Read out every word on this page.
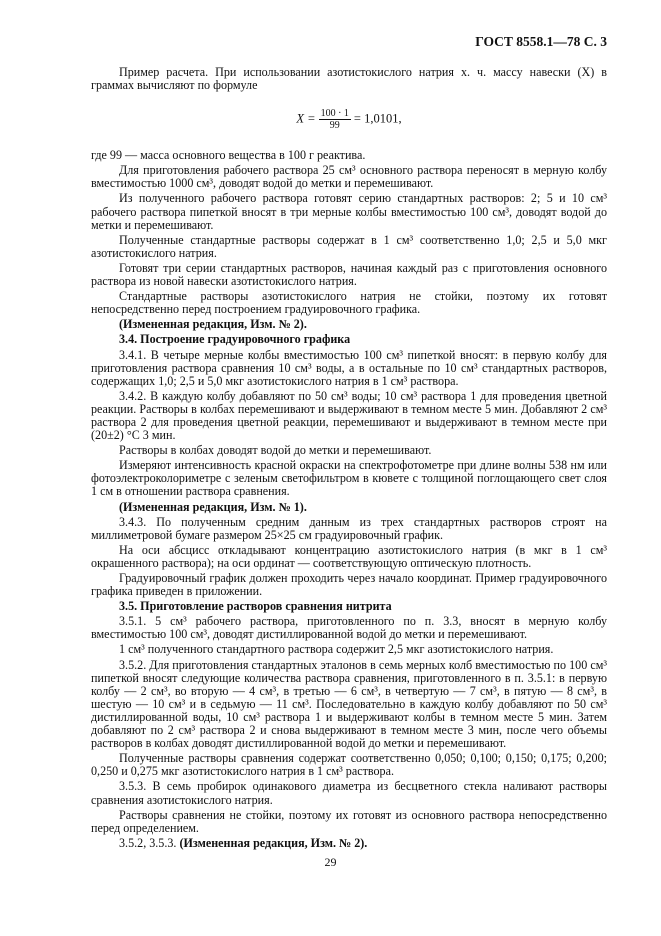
ГОСТ 8558.1—78 С. 3

Пример расчета. При использовании азотистокислого натрия х. ч. массу навески (X) в граммах вычисляют по формуле

$X = \frac{100 \cdot 1}{99} = 1,0101$,

где 99 — масса основного вещества в 100 г реактива.

Для приготовления рабочего раствора 25 см³ основного раствора переносят в мерную колбу вместимостью 1000 см³, доводят водой до метки и перемешивают.

Из полученного рабочего раствора готовят серию стандартных растворов: 2; 5 и 10 см³ рабочего раствора пипеткой вносят в три мерные колбы вместимостью 100 см³, доводят водой до метки и перемешивают.

Полученные стандартные растворы содержат в 1 см³ соответственно 1,0; 2,5 и 5,0 мкг азотистокислого натрия.

Готовят три серии стандартных растворов, начиная каждый раз с приготовления основного раствора из новой навески азотистокислого натрия.

Стандартные растворы азотистокислого натрия не стойки, поэтому их готовят непосредственно перед построением градуировочного графика.

(Измененная редакция, Изм. № 2).

3.4. Построение градуировочного графика

3.4.1. В четыре мерные колбы вместимостью 100 см³ пипеткой вносят: в первую колбу для приготовления раствора сравнения 10 см³ воды, а в остальные по 10 см³ стандартных растворов, содержащих 1,0; 2,5 и 5,0 мкг азотистокислого натрия в 1 см³ раствора.

3.4.2. В каждую колбу добавляют по 50 см³ воды; 10 см³ раствора 1 для проведения цветной реакции. Растворы в колбах перемешивают и выдерживают в темном месте 5 мин. Добавляют 2 см³ раствора 2 для проведения цветной реакции, перемешивают и выдерживают в темном месте при (20±2) °С 3 мин.

Растворы в колбах доводят водой до метки и перемешивают.

Измеряют интенсивность красной окраски на спектрофотометре при длине волны 538 нм или фотоэлектроколориметре с зеленым светофильтром в кювете с толщиной поглощающего свет слоя 1 см в отношении раствора сравнения.

(Измененная редакция, Изм. № 1).

3.4.3. По полученным средним данным из трех стандартных растворов строят на миллиметровой бумаге размером 25×25 см градуировочный график.

На оси абсцисс откладывают концентрацию азотистокислого натрия (в мкг в 1 см³ окрашенного раствора); на оси ординат — соответствующую оптическую плотность.

Градуировочный график должен проходить через начало координат. Пример градуировочного графика приведен в приложении.

3.5. Приготовление растворов сравнения нитрита

3.5.1. 5 см³ рабочего раствора, приготовленного по п. 3.3, вносят в мерную колбу вместимостью 100 см³, доводят дистиллированной водой до метки и перемешивают.

1 см³ полученного стандартного раствора содержит 2,5 мкг азотистокислого натрия.

3.5.2. Для приготовления стандартных эталонов в семь мерных колб вместимостью по 100 см³ пипеткой вносят следующие количества раствора сравнения, приготовленного в п. 3.5.1: в первую колбу — 2 см³, во вторую — 4 см³, в третью — 6 см³, в четвертую — 7 см³, в пятую — 8 см³, в шестую — 10 см³ и в седьмую — 11 см³. Последовательно в каждую колбу добавляют по 50 см³ дистиллированной воды, 10 см³ раствора 1 и выдерживают колбы в темном месте 5 мин. Затем добавляют по 2 см³ раствора 2 и снова выдерживают в темном месте 3 мин, после чего объемы растворов в колбах доводят дистиллированной водой до метки и перемешивают.

Полученные растворы сравнения содержат соответственно 0,050; 0,100; 0,150; 0,175; 0,200; 0,250 и 0,275 мкг азотистокислого натрия в 1 см³ раствора.

3.5.3. В семь пробирок одинакового диаметра из бесцветного стекла наливают растворы сравнения азотистокислого натрия.

Растворы сравнения не стойки, поэтому их готовят из основного раствора непосредственно перед определением.

3.5.2, 3.5.3. (Измененная редакция, Изм. № 2).

29
